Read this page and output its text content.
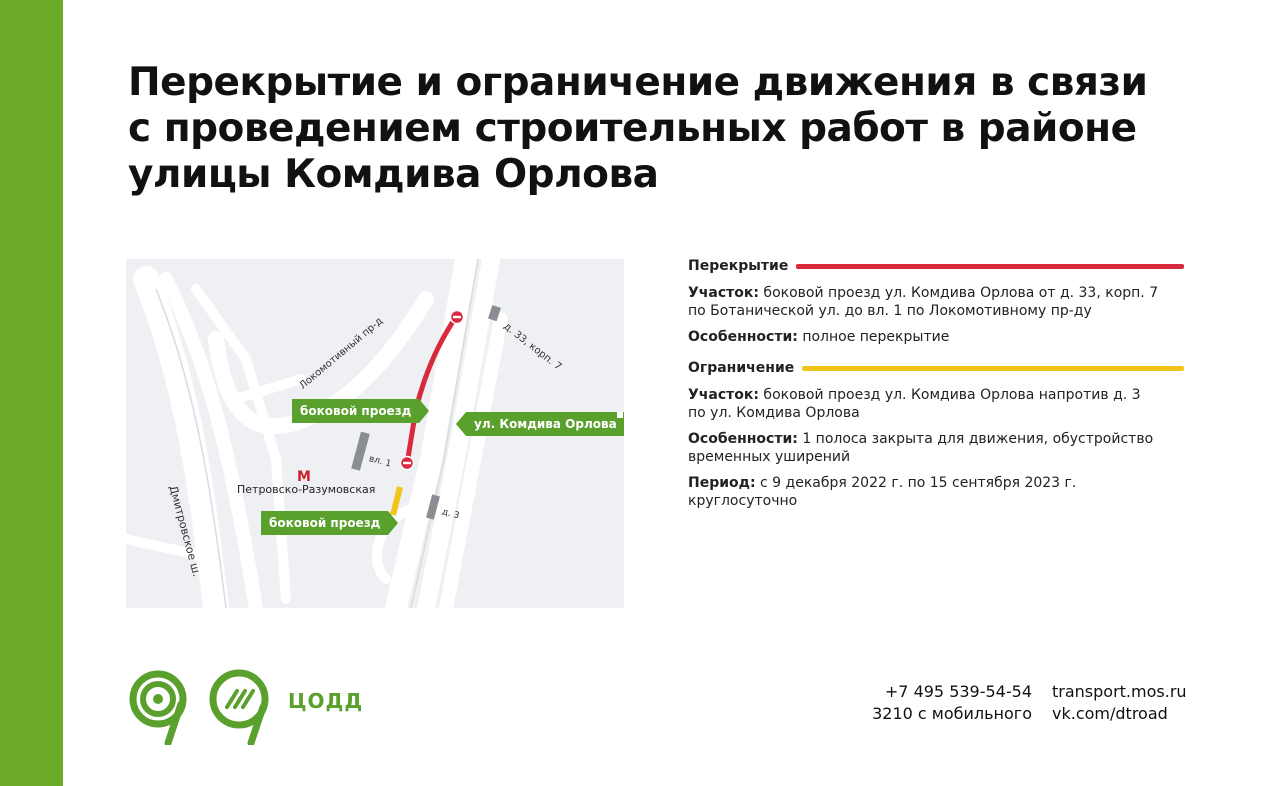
Перекрытие и ограничение движения в связи
с проведением строительных работ в районе
улицы Комдива Орлова
боковой проезд
ул. Комдива Орлова
боковой проезд
Локомотивный пр-д
Дмитровское ш.
д. 33, корп. 7
вл. 1
д. 3
М
Петровско-Разумовская
Перекрытие
Участок: боковой проезд ул. Комдива Орлова от д. 33, корп. 7
по Ботанической ул. до вл. 1 по Локомотивному пр-ду
Особенности: полное перекрытие
Ограничение
Участок: боковой проезд ул. Комдива Орлова напротив д. 3
по ул. Комдива Орлова
Особенности: 1 полоса закрыта для движения, обустройство
временных уширений
Период: с 9 декабря 2022 г. по 15 сентября 2023 г.
круглосуточно
ЦОДД	+7 495 539-54-54
3210 с мобильного
transport.mos.ru
vk.com/dtroad
